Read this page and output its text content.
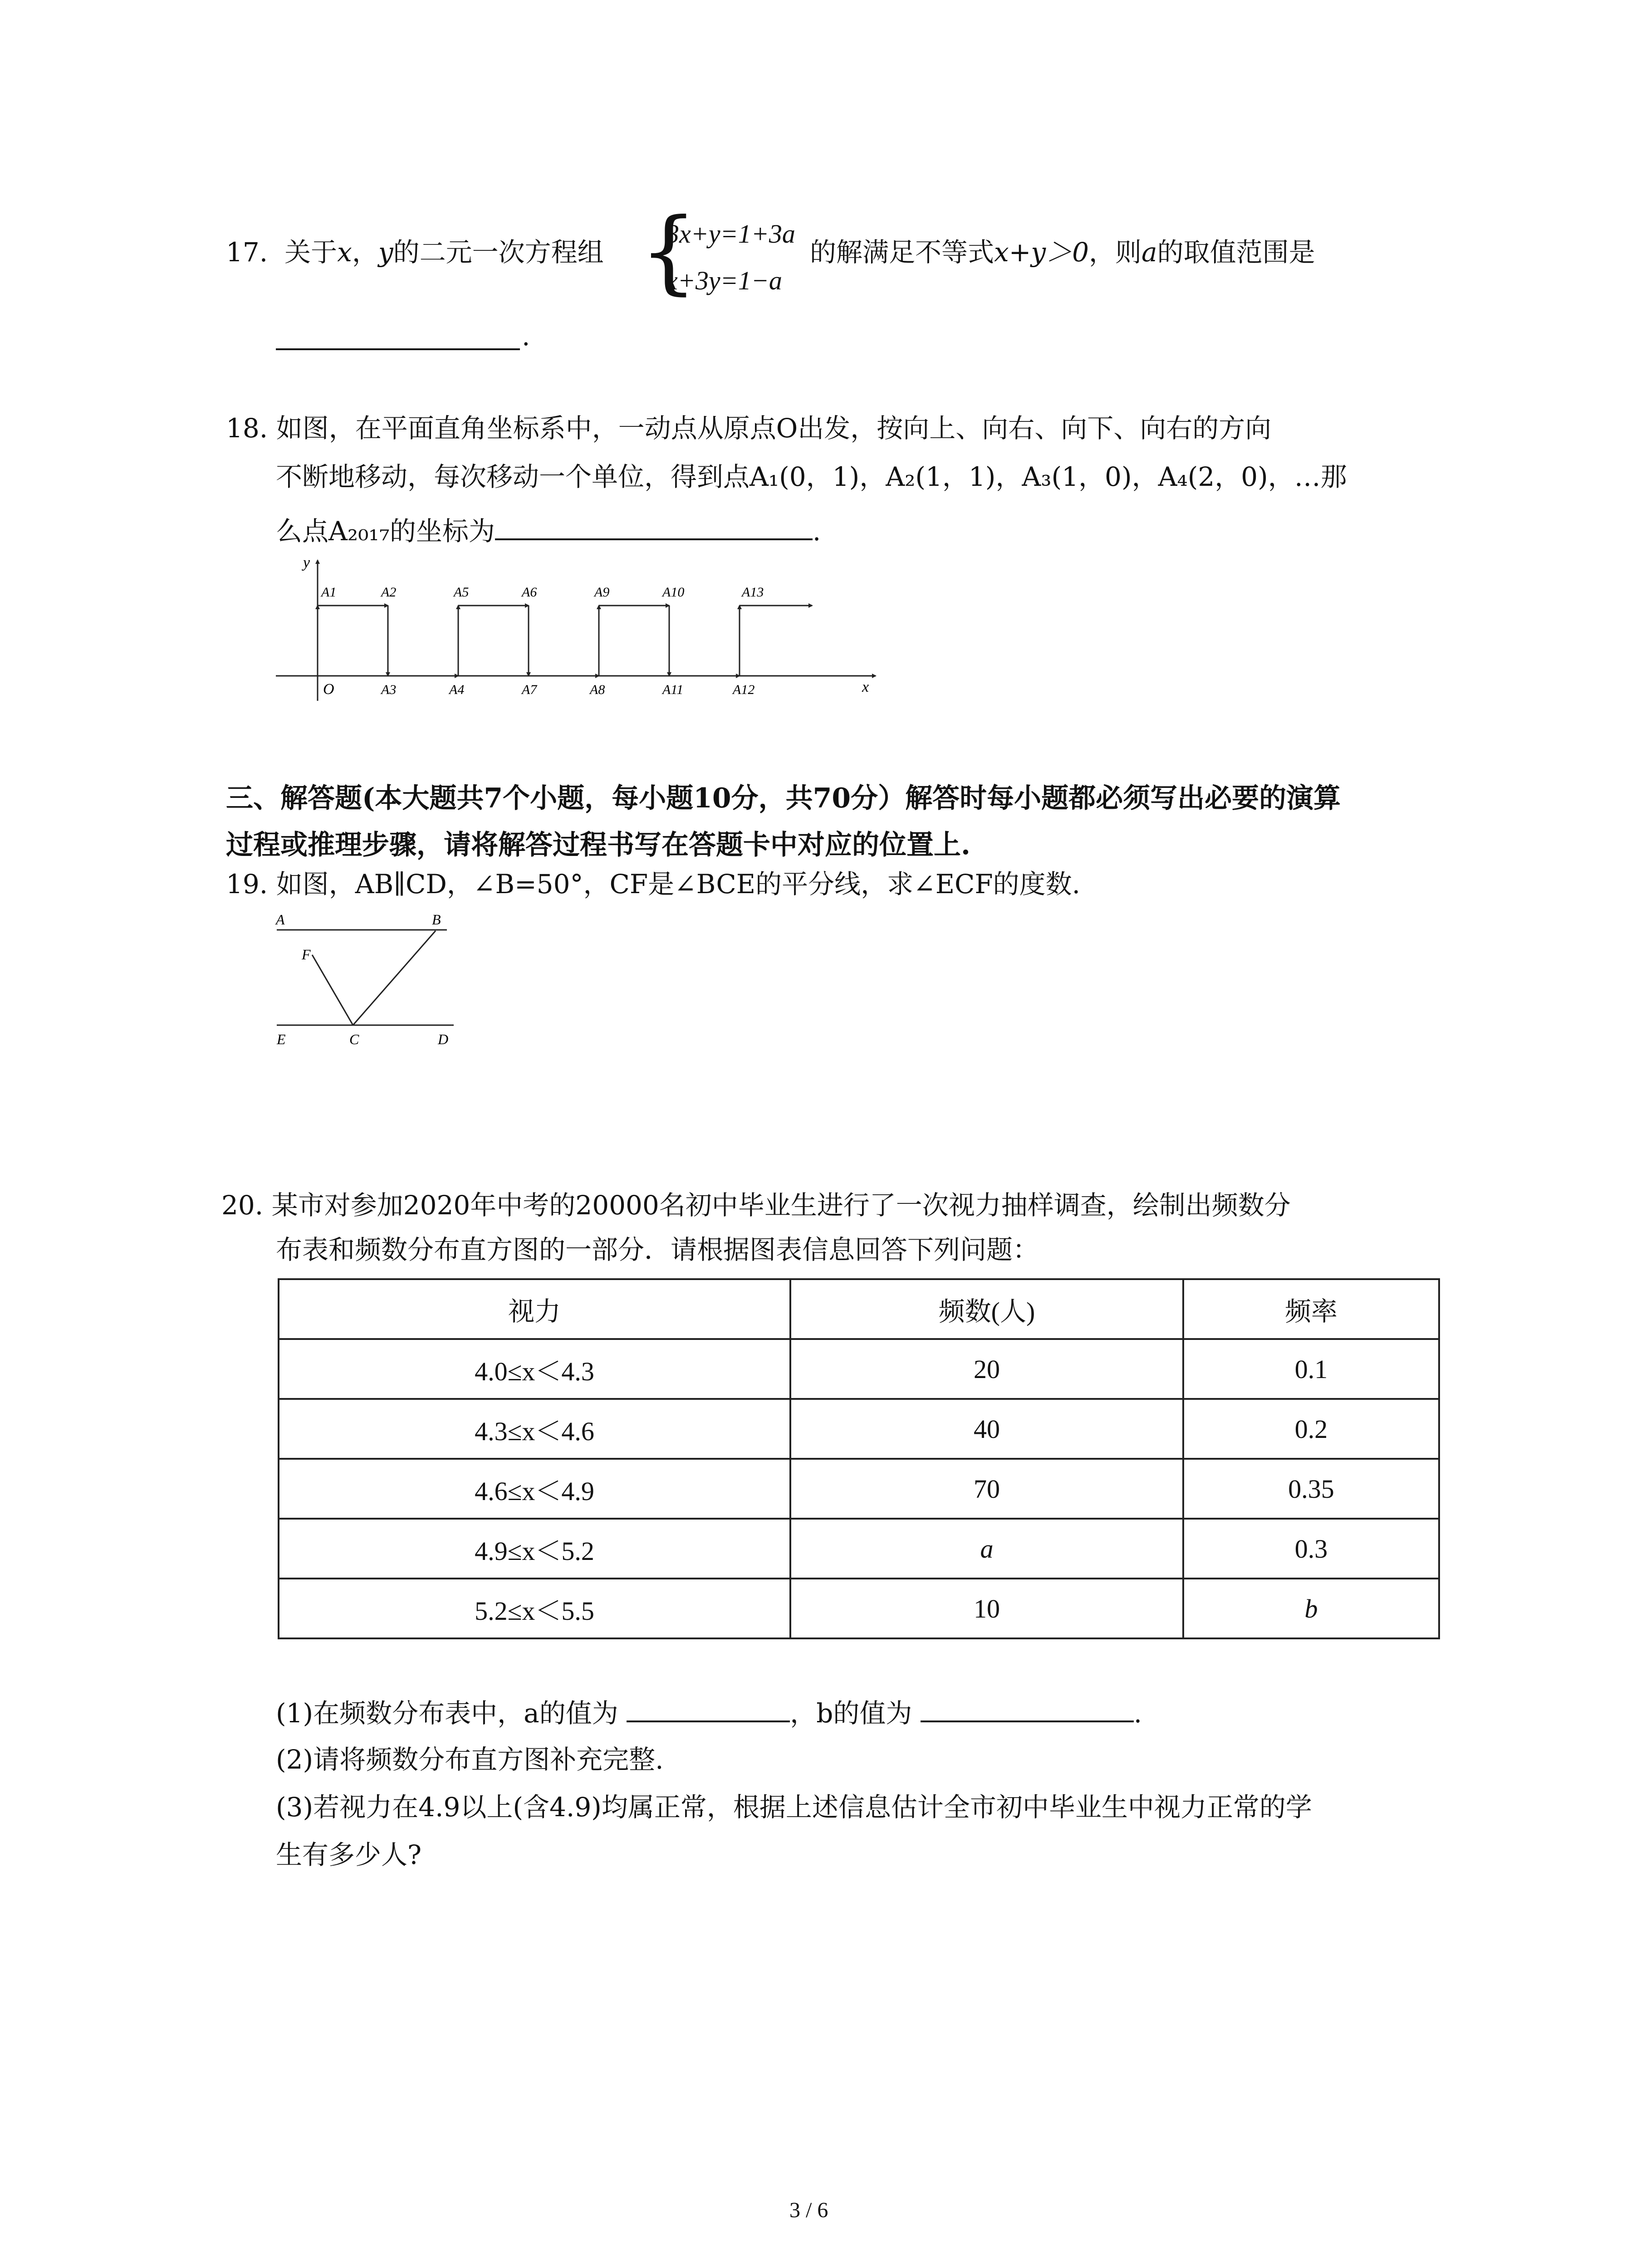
17. 关于x，y的二元一次方程组 {
3x+y=1+3a
x+3y=1−a
的解满足不等式x+y＞0，则a的取值范围是
.
18. 如图，在平面直角坐标系中，一动点从原点O出发，按向上、向右、向下、向右的方向
不断地移动，每次移动一个单位，得到点A₁(0，1)，A₂(1，1)，A₃(1，0)，A₄(2，0)，…那
么点A₂₀₁₇的坐标为	.
y
x
O
A1	A2	A5	A6	A9	A10	A13
A3	A4	A7	A8	A11	A12
三、解答题(本大题共7个小题，每小题10分，共70分）解答时每小题都必须写出必要的演算
过程或推理步骤，请将解答过程书写在答题卡中对应的位置上.
19. 如图，AB∥CD，∠B=50°，CF是∠BCE的平分线，求∠ECF的度数.
A	B
F
E	C	D
20. 某市对参加2020年中考的20000名初中毕业生进行了一次视力抽样调查，绘制出频数分
布表和频数分布直方图的一部分．请根据图表信息回答下列问题：
视力	频数(人)	频率
4.0≤x＜4.3	20	0.1
4.3≤x＜4.6	40	0.2
4.6≤x＜4.9	70	0.35
4.9≤x＜5.2	a	0.3
5.2≤x＜5.5	10	b
(1)在频数分布表中，a的值为	，b的值为	.
(2)请将频数分布直方图补充完整.
(3)若视力在4.9以上(含4.9)均属正常，根据上述信息估计全市初中毕业生中视力正常的学
生有多少人?
3 / 6
